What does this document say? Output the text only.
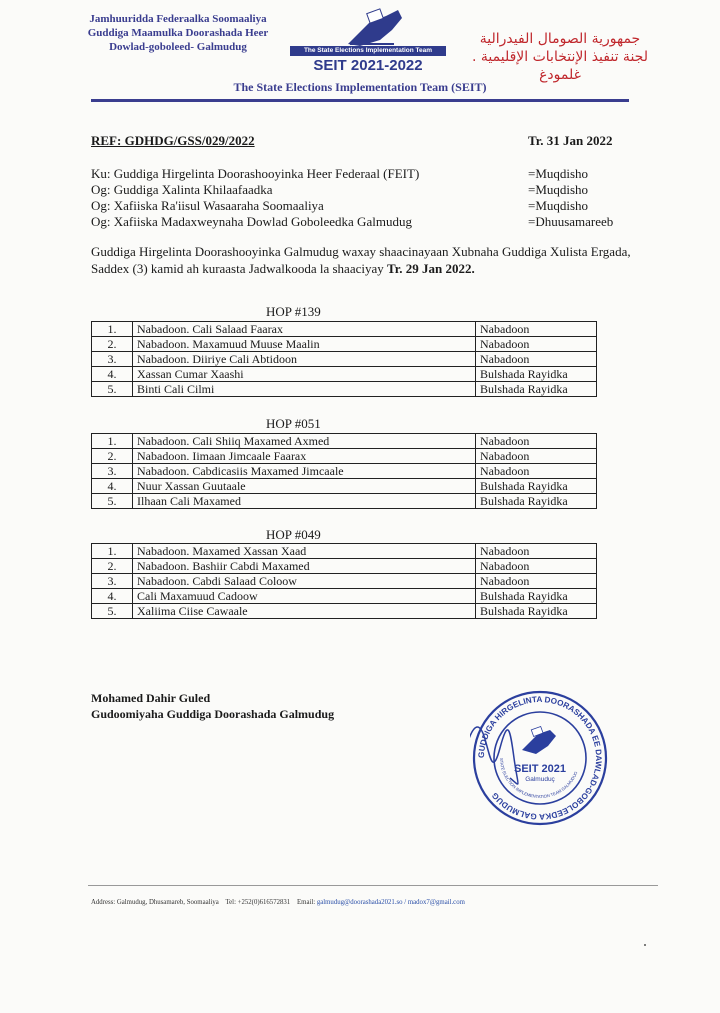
Jamhuuridda Federaalka Soomaaliya
Guddiga Maamulka Doorashada Heer
Dowlad-goboleed- Galmudug	The State Elections Implementation Team
SEIT 2021-2022
جمهورية الصومال الفيدرالية
لجنة تنفيذ الإنتخابات الإقليمية . غلمودغ
The State Elections Implementation Team (SEIT)
REF: GDHDG/GSS/029/2022	Tr. 31 Jan 2022
Ku: Guddiga Hirgelinta Doorashooyinka Heer Federaal (FEIT)	=Muqdisho
Og: Guddiga Xalinta Khilaafaadka	=Muqdisho
Og: Xafiiska Ra'iisul Wasaaraha Soomaaliya	=Muqdisho
Og: Xafiiska Madaxweynaha Dowlad Goboleedka Galmudug	=Dhuusamareeb
Guddiga Hirgelinta Doorashooyinka Galmudug waxay shaacinayaan Xubnaha Guddiga Xulista Ergada, Saddex (3) kamid ah kuraasta Jadwalkooda la shaaciyay Tr. 29 Jan 2022.
HOP #139
1.	Nabadoon. Cali Salaad Faarax	Nabadoon
2.	Nabadoon. Maxamuud Muuse Maalin	Nabadoon
3.	Nabadoon. Diiriye Cali Abtidoon	Nabadoon
4.	Xassan Cumar Xaashi	Bulshada Rayidka
5.	Binti Cali Cilmi	Bulshada Rayidka
HOP #051
1.	Nabadoon. Cali Shiiq Maxamed Axmed	Nabadoon
2.	Nabadoon. Iimaan Jimcaale Faarax	Nabadoon
3.	Nabadoon. Cabdicasiis Maxamed Jimcaale	Nabadoon
4.	Nuur Xassan Guutaale	Bulshada Rayidka
5.	Ilhaan Cali Maxamed	Bulshada Rayidka
HOP #049
1.	Nabadoon. Maxamed Xassan Xaad	Nabadoon
2.	Nabadoon. Bashiir Cabdi Maxamed	Nabadoon
3.	Nabadoon. Cabdi Salaad Coloow	Nabadoon
4.	Cali Maxamuud Cadoow	Bulshada Rayidka
5.	Xaliima Ciise Cawaale	Bulshada Rayidka
Mohamed Dahir Guled
Gudoomiyaha Guddiga Doorashada Galmudug
GUDDIGA HIRGELINTA DOORASHADA EE DAWLAD-GOBOLEEDKA GALMUDUG
STATE ELECTION IMPLEMENTATION TEAM GALMUDUG
SEIT 2021
Galmuduç
Address: Galmudug, Dhusamareb, Soomaaliya Tel: +252(0)616572831 Email: galmudug@doorashada2021.so / madox7@gmail.com
